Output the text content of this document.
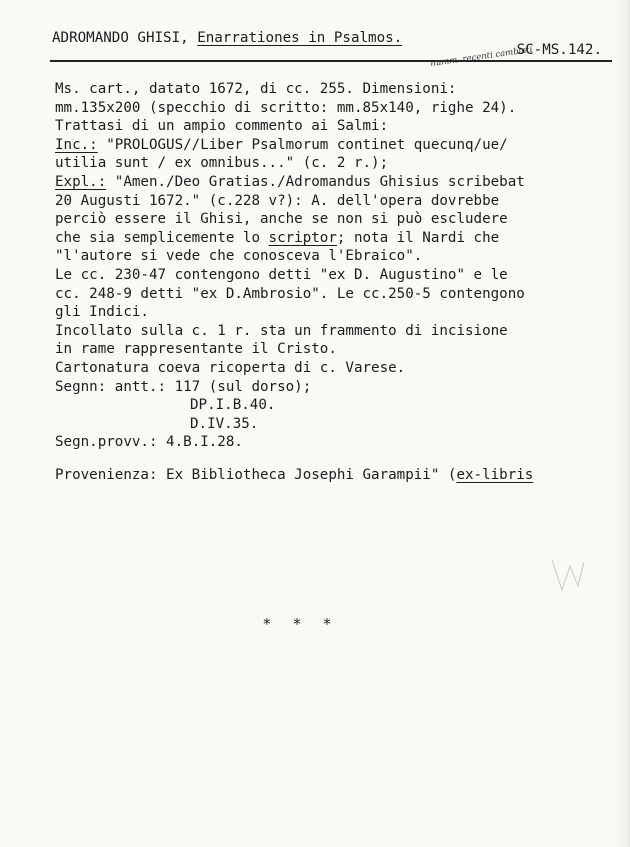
ADROMANDO GHISI, Enarrationes in Psalmos.
SC-MS.142.
numm. recenti cambiati
Ms. cart., datato 1672, di cc. 255. Dimensioni:
mm.135x200 (specchio di scritto: mm.85x140, righe 24).
Trattasi di un ampio commento ai Salmi:
Inc.: "PROLOGUS//Liber Psalmorum continet quecunq/ue/
utilia sunt / ex omnibus..." (c. 2 r.);
Expl.: "Amen./Deo Gratias./Adromandus Ghisius scribebat
20 Augusti 1672." (c.228 v?): A. dell'opera dovrebbe
perciò essere il Ghisi, anche se non si può escludere
che sia semplicemente lo scriptor; nota il Nardi che
"l'autore si vede che conosceva l'Ebraico".
Le cc. 230-47 contengono detti "ex D. Augustino" e le
cc. 248-9 detti "ex D.Ambrosio". Le cc.250-5 contengono
gli Indici.
Incollato sulla c. 1 r. sta un frammento di incisione
in rame rappresentante il Cristo.
Cartonatura coeva ricoperta di c. Varese.
Segnn: antt.: 117 (sul dorso);
DP.I.B.40.
D.IV.35.
Segn.provv.: 4.B.I.28.
Provenienza: Ex Bibliotheca Josephi Garampii" (ex-libris
* * *
